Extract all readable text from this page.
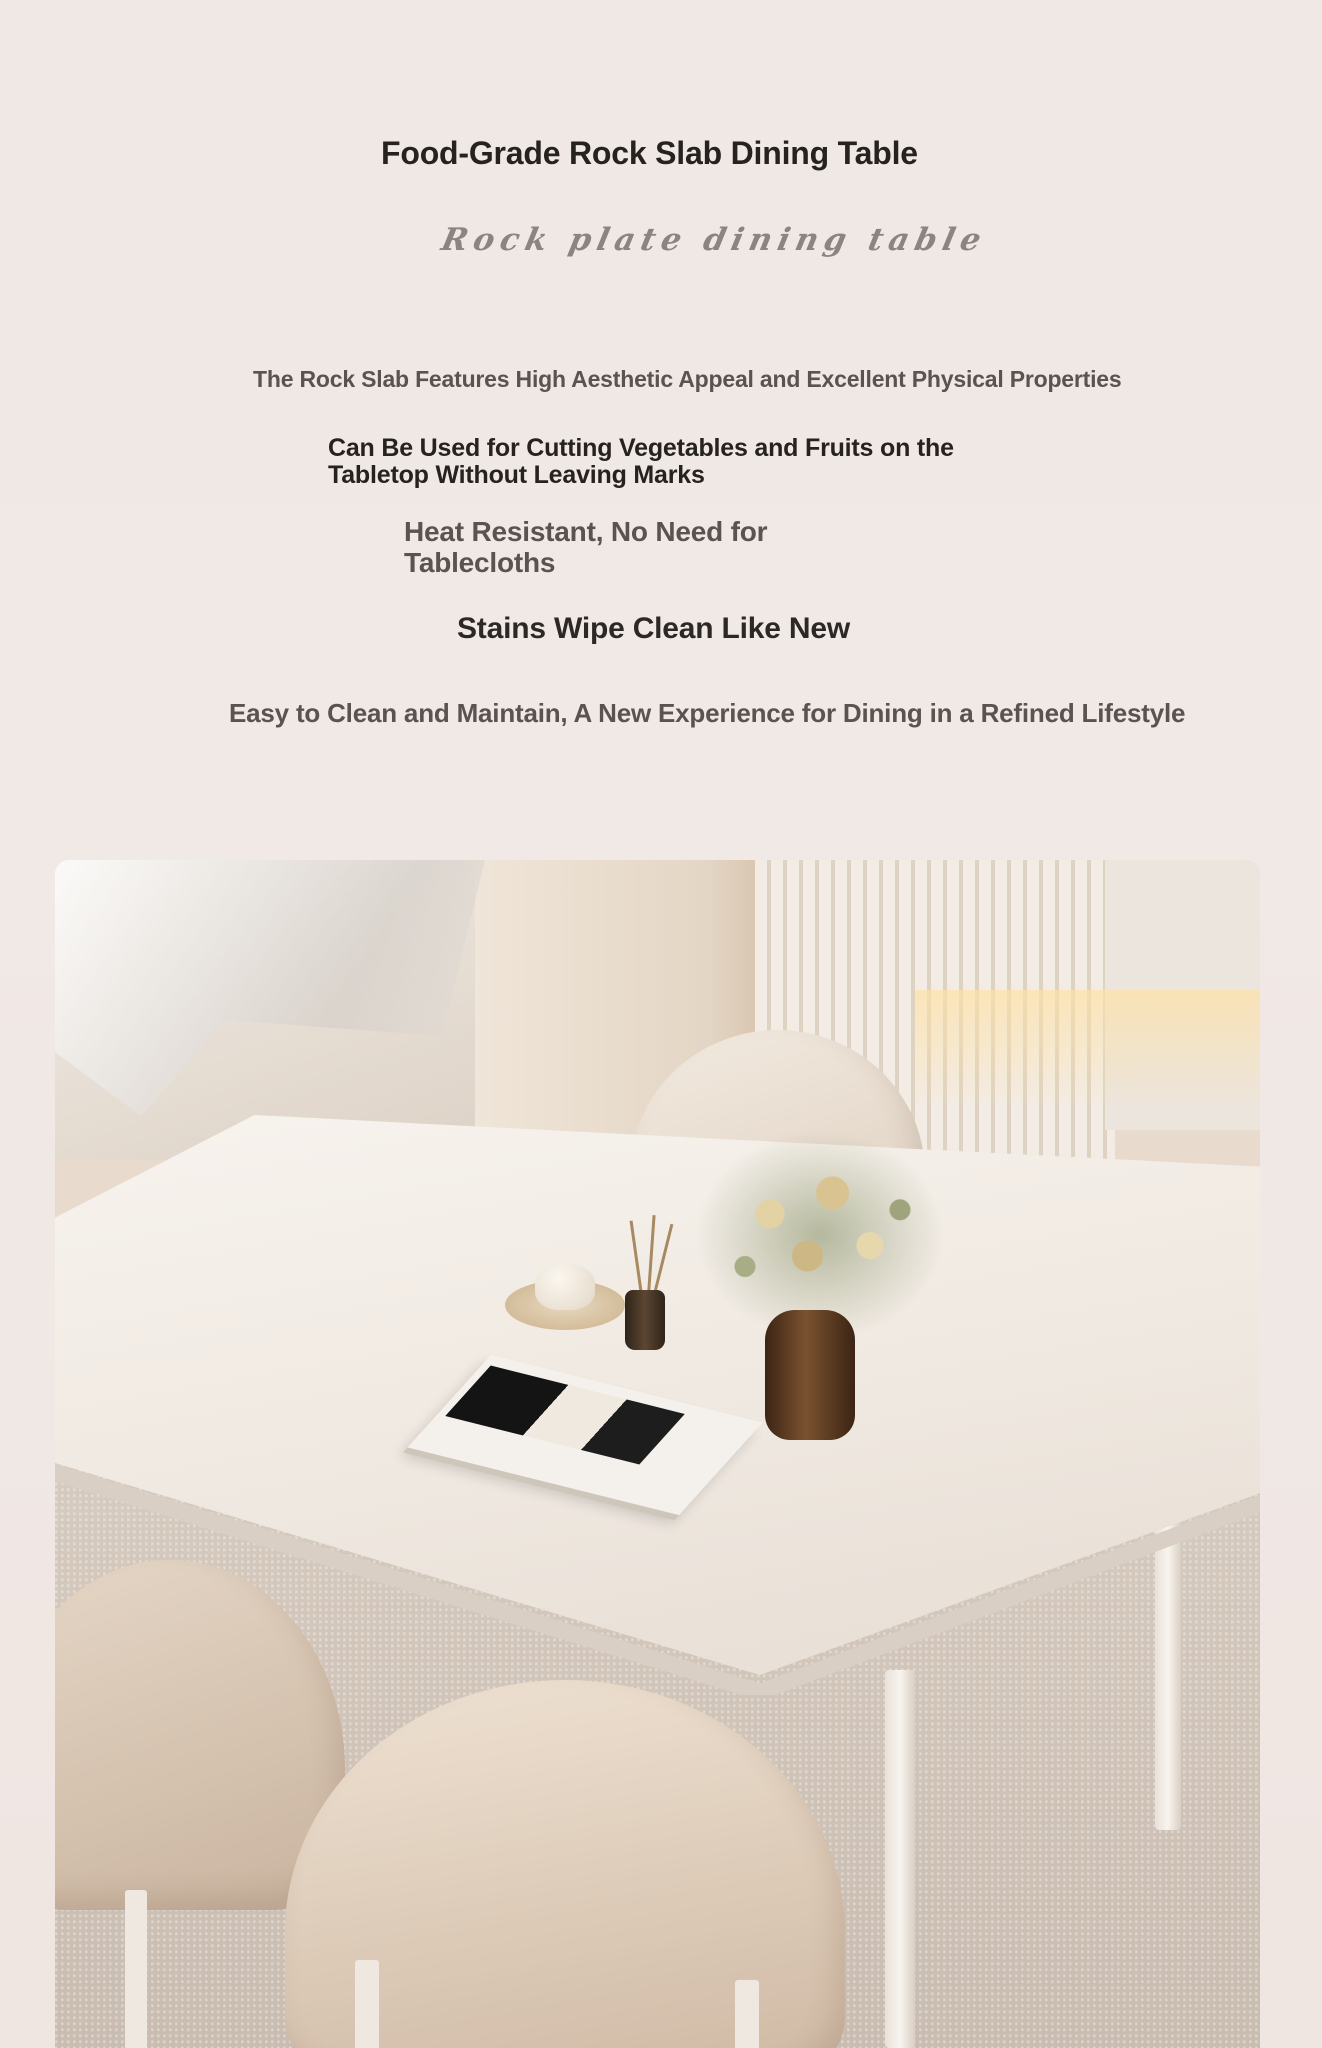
Food-Grade Rock Slab Dining Table
Rock plate dining table

The Rock Slab Features High Aesthetic Appeal and Excellent Physical Properties

Can Be Used for Cutting Vegetables and Fruits on the Tabletop Without Leaving Marks

Heat Resistant, No Need for Tablecloths

Stains Wipe Clean Like New

Easy to Clean and Maintain, A New Experience for Dining in a Refined Lifestyle
